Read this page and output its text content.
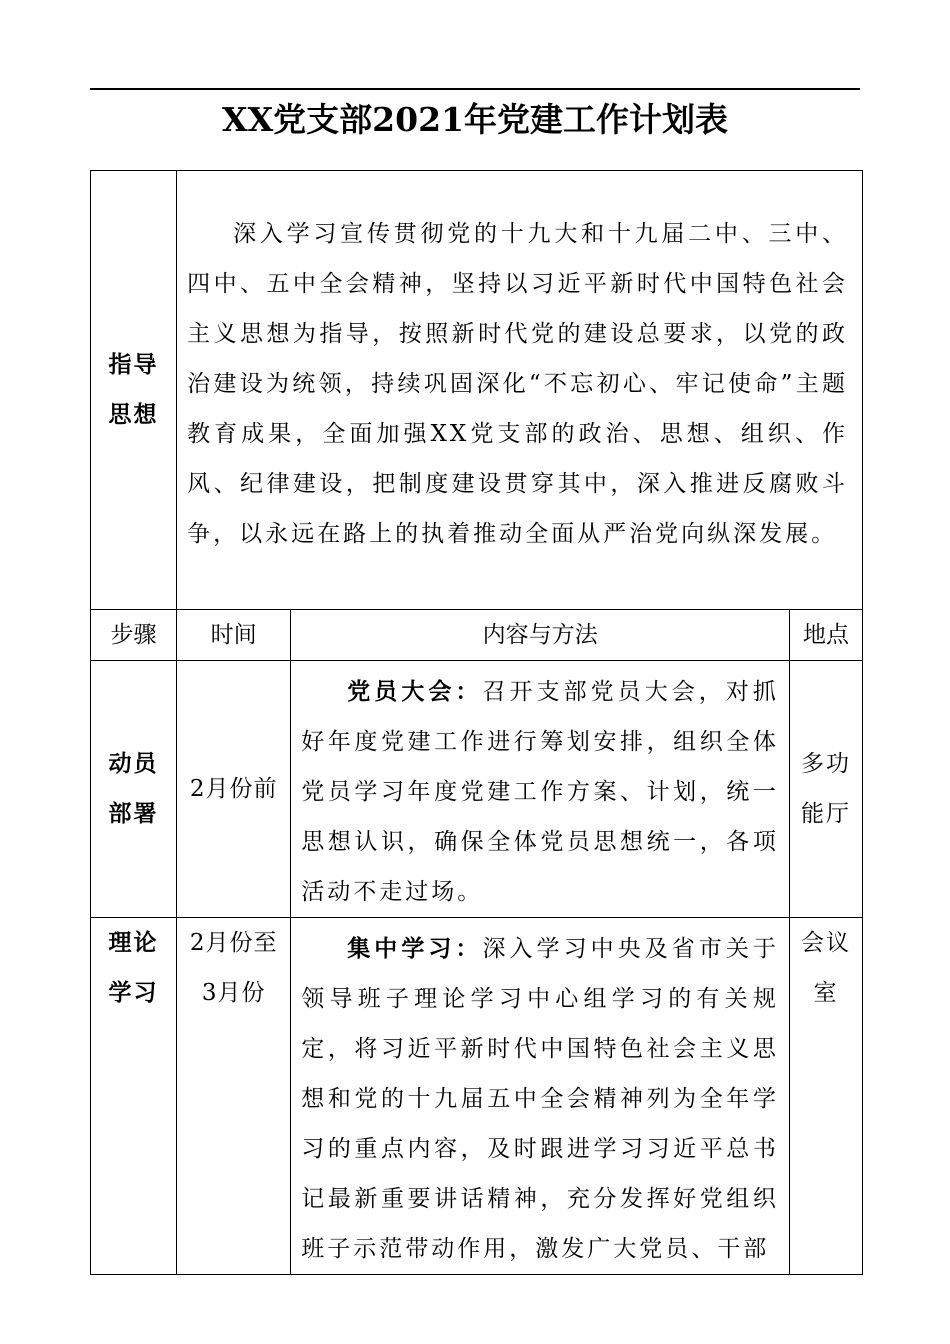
XX党支部2021年党建工作计划表
指导
思想	深入学习宣传贯彻党的十九大和十九届二中、三中、四中、五中全会精神，坚持以习近平新时代中国特色社会主义思想为指导，按照新时代党的建设总要求，以党的政治建设为统领，持续巩固深化“不忘初心、牢记使命”主题教育成果，全面加强XX党支部的政治、思想、组织、作风、纪律建设，把制度建设贯穿其中，深入推进反腐败斗争，以永远在路上的执着推动全面从严治党向纵深发展。		

步骤	时间	内容与方法	地点

动员
部署	2月份前	党员大会：召开支部党员大会，对抓好年度党建工作进行筹划安排，组织全体党员学习年度党建工作方案、计划，统一思想认识，确保全体党员思想统一，各项活动不走过场。	多功
能厅

理论
学习	2月份至
3月份	集中学习：深入学习中央及省市关于领导班子理论学习中心组学习的有关规定，将习近平新时代中国特色社会主义思想和党的十九届五中全会精神列为全年学习的重点内容，及时跟进学习习近平总书记最新重要讲话精神，充分发挥好党组织班子示范带动作用，激发广大党员、干部	会议
室
